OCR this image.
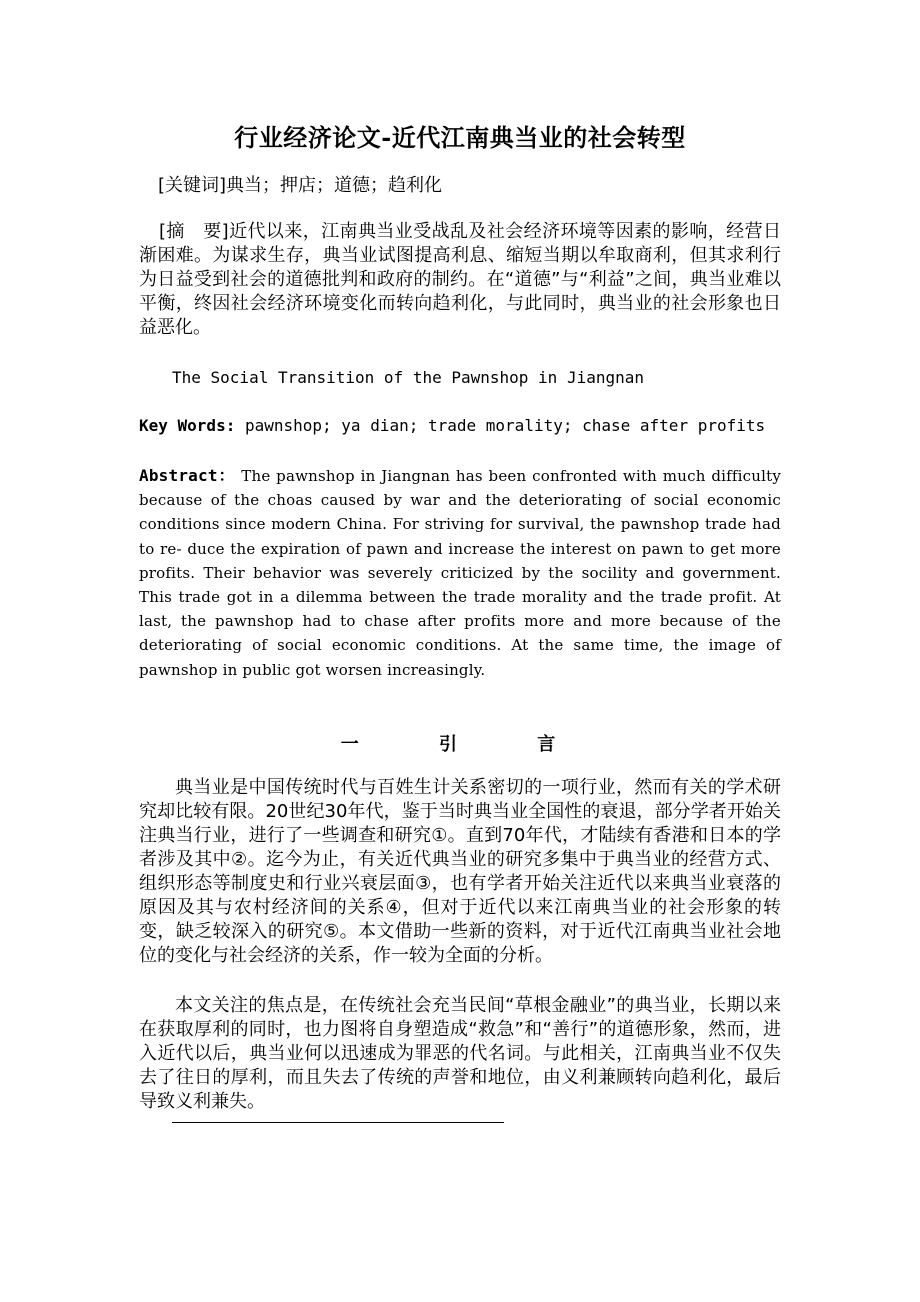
行业经济论文-近代江南典当业的社会转型
[关键词]典当；押店；道德；趋利化
[摘　要]近代以来，江南典当业受战乱及社会经济环境等因素的影响，经营日渐困难。为谋求生存，典当业试图提高利息、缩短当期以牟取商利，但其求利行为日益受到社会的道德批判和政府的制约。在“道德”与“利益”之间，典当业难以平衡，终因社会经济环境变化而转向趋利化，与此同时，典当业的社会形象也日益恶化。
The Social Transition of the Pawnshop in Jiangnan
Key Words: pawnshop; ya dian; trade morality; chase after profits
Abstract： The pawnshop in Jiangnan has been confronted with much difficulty because of the choas caused by war and the deteriorating of social economic conditions since modern China. For striving for survival, the pawnshop trade had to re- duce the expiration of pawn and increase the interest on pawn to get more profits. Their behavior was severely criticized by the socility and government. This trade got in a dilemma between the trade morality and the trade profit. At last, the pawnshop had to chase after profits more and more because of the deteriorating of social economic conditions. At the same time, the image of pawnshop in public got worsen increasingly.
一 引 言
典当业是中国传统时代与百姓生计关系密切的一项行业，然而有关的学术研究却比较有限。20世纪30年代，鉴于当时典当业全国性的衰退，部分学者开始关注典当行业，进行了一些调查和研究①。直到70年代，才陆续有香港和日本的学者涉及其中②。迄今为止，有关近代典当业的研究多集中于典当业的经营方式、组织形态等制度史和行业兴衰层面③，也有学者开始关注近代以来典当业衰落的原因及其与农村经济间的关系④，但对于近代以来江南典当业的社会形象的转变，缺乏较深入的研究⑤。本文借助一些新的资料，对于近代江南典当业社会地位的变化与社会经济的关系，作一较为全面的分析。
本文关注的焦点是，在传统社会充当民间“草根金融业”的典当业，长期以来在获取厚利的同时，也力图将自身塑造成“救急”和“善行”的道德形象，然而，进入近代以后，典当业何以迅速成为罪恶的代名词。与此相关，江南典当业不仅失去了往日的厚利，而且失去了传统的声誉和地位，由义利兼顾转向趋利化，最后导致义利兼失。
